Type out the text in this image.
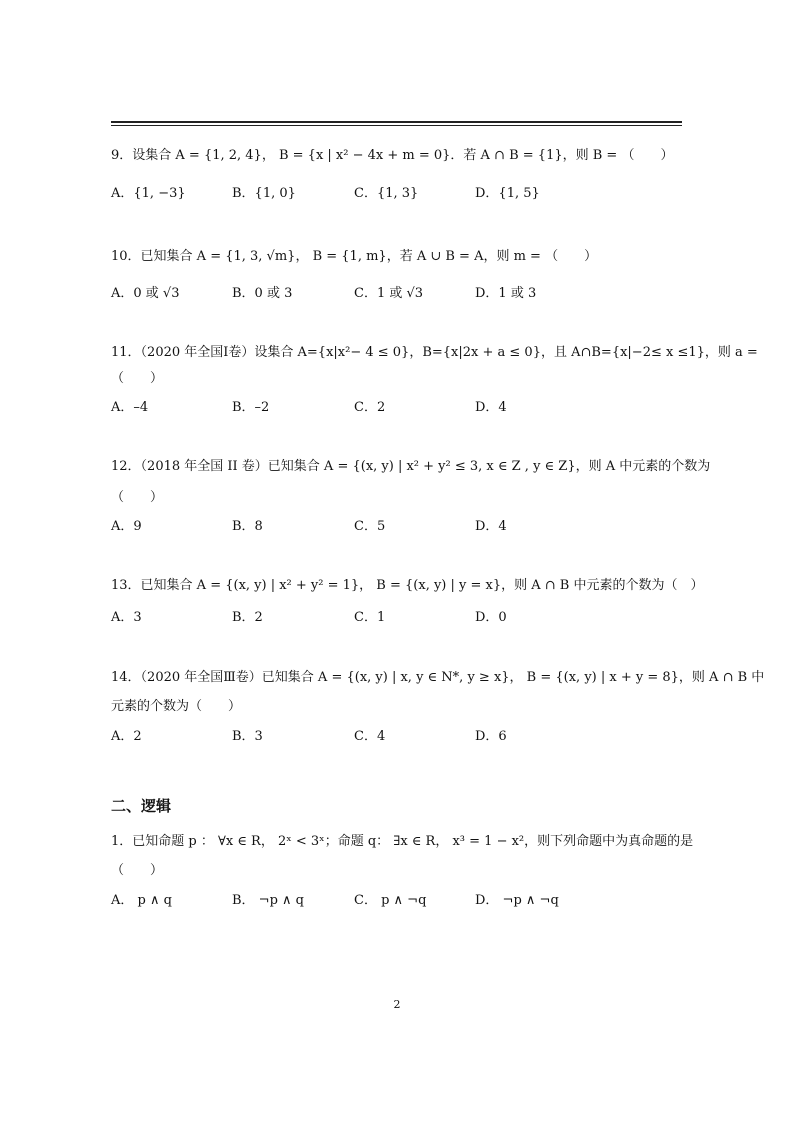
9．设集合 A = {1, 2, 4}， B = {x | x² − 4x + m = 0}．若 A ∩ B = {1}，则 B = （　　）
A．{1, −3}	B．{1, 0}	C．{1, 3}	D．{1, 5}
10．已知集合 A = {1, 3, √m}， B = {1, m}，若 A ∪ B = A，则 m = （　　）
A．0 或 √3	B．0 或 3	C．1 或 √3	D．1 或 3
11．（2020 年全国Ⅰ卷）设集合 A={x|x²− 4 ≤ 0}，B={x|2x + a ≤ 0}，且 A∩B={x|−2≤ x ≤1}，则 a =
（　　）
A．–4	B．–2	C．2	D．4
12．（2018 年全国 II 卷）已知集合 A = {(x, y) | x² + y² ≤ 3, x ∈ Z , y ∈ Z}，则 A 中元素的个数为
（　　）
A．9	B．8	C．5	D．4
13．已知集合 A = {(x, y) | x² + y² = 1}， B = {(x, y) | y = x}，则 A ∩ B 中元素的个数为（　）
A．3	B．2	C．1	D．0
14．（2020 年全国Ⅲ卷）已知集合 A = {(x, y) | x, y ∈ N*, y ≥ x}， B = {(x, y) | x + y = 8}，则 A ∩ B 中
元素的个数为（　　）
A．2	B．3	C．4	D．6
二、逻辑
1．已知命题 p ： ∀x ∈ R， 2ˣ < 3ˣ；命题 q： ∃x ∈ R， x³ = 1 − x²，则下列命题中为真命题的是
（　　）
A． p ∧ q	B． ¬p ∧ q	C． p ∧ ¬q	D． ¬p ∧ ¬q
2
